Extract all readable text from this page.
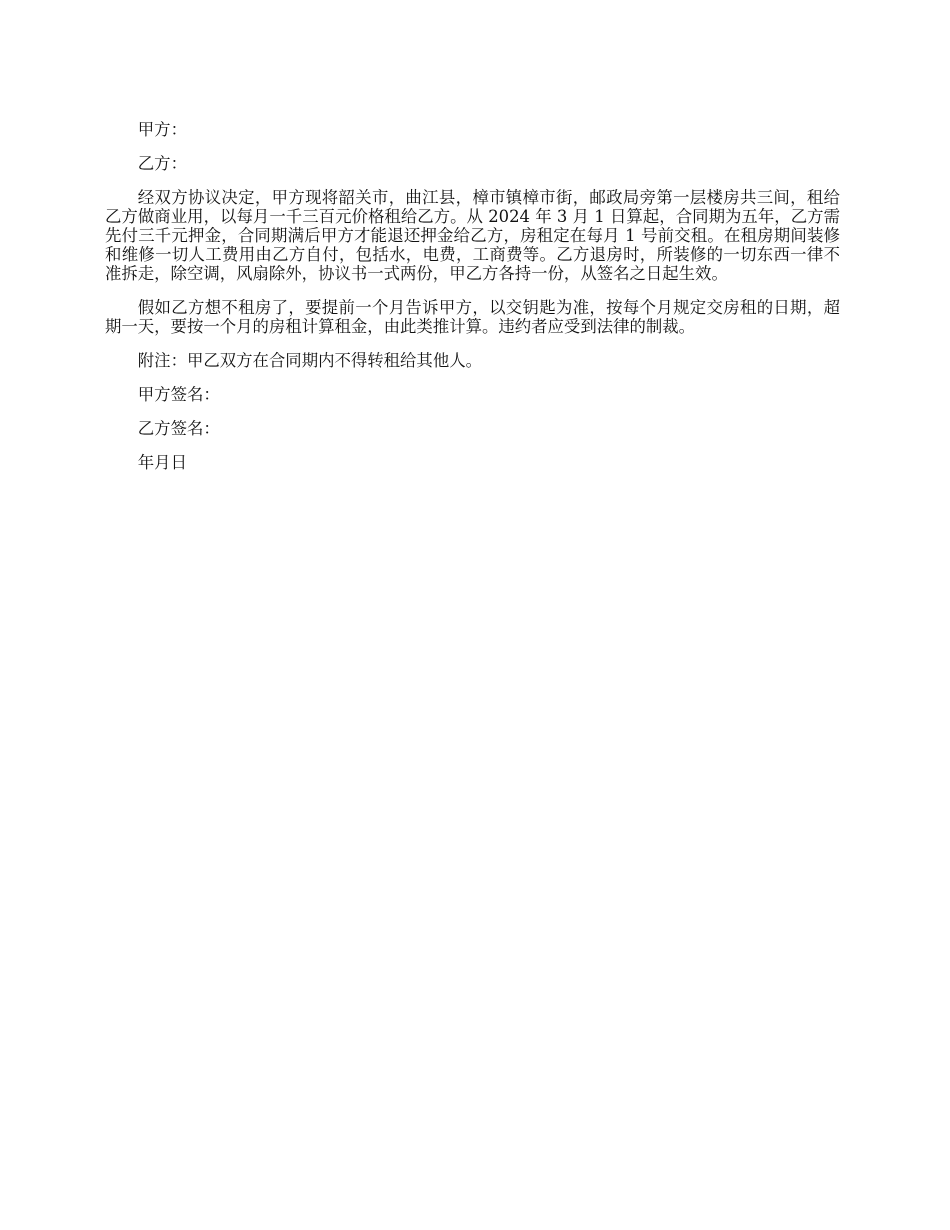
甲方：

乙方：

经双方协议决定，甲方现将韶关市，曲江县，樟市镇樟市街，邮政局旁第一层楼房共三间，租给乙方做商业用，以每月一千三百元价格租给乙方。从 2024 年 3 月 1 日算起，合同期为五年，乙方需先付三千元押金，合同期满后甲方才能退还押金给乙方，房租定在每月 1 号前交租。在租房期间装修和维修一切人工费用由乙方自付，包括水，电费，工商费等。乙方退房时，所装修的一切东西一律不准拆走，除空调，风扇除外，协议书一式两份，甲乙方各持一份，从签名之日起生效。

假如乙方想不租房了，要提前一个月告诉甲方，以交钥匙为准，按每个月规定交房租的日期，超期一天，要按一个月的房租计算租金，由此类推计算。违约者应受到法律的制裁。

附注：甲乙双方在合同期内不得转租给其他人。

甲方签名：

乙方签名：

年月日
